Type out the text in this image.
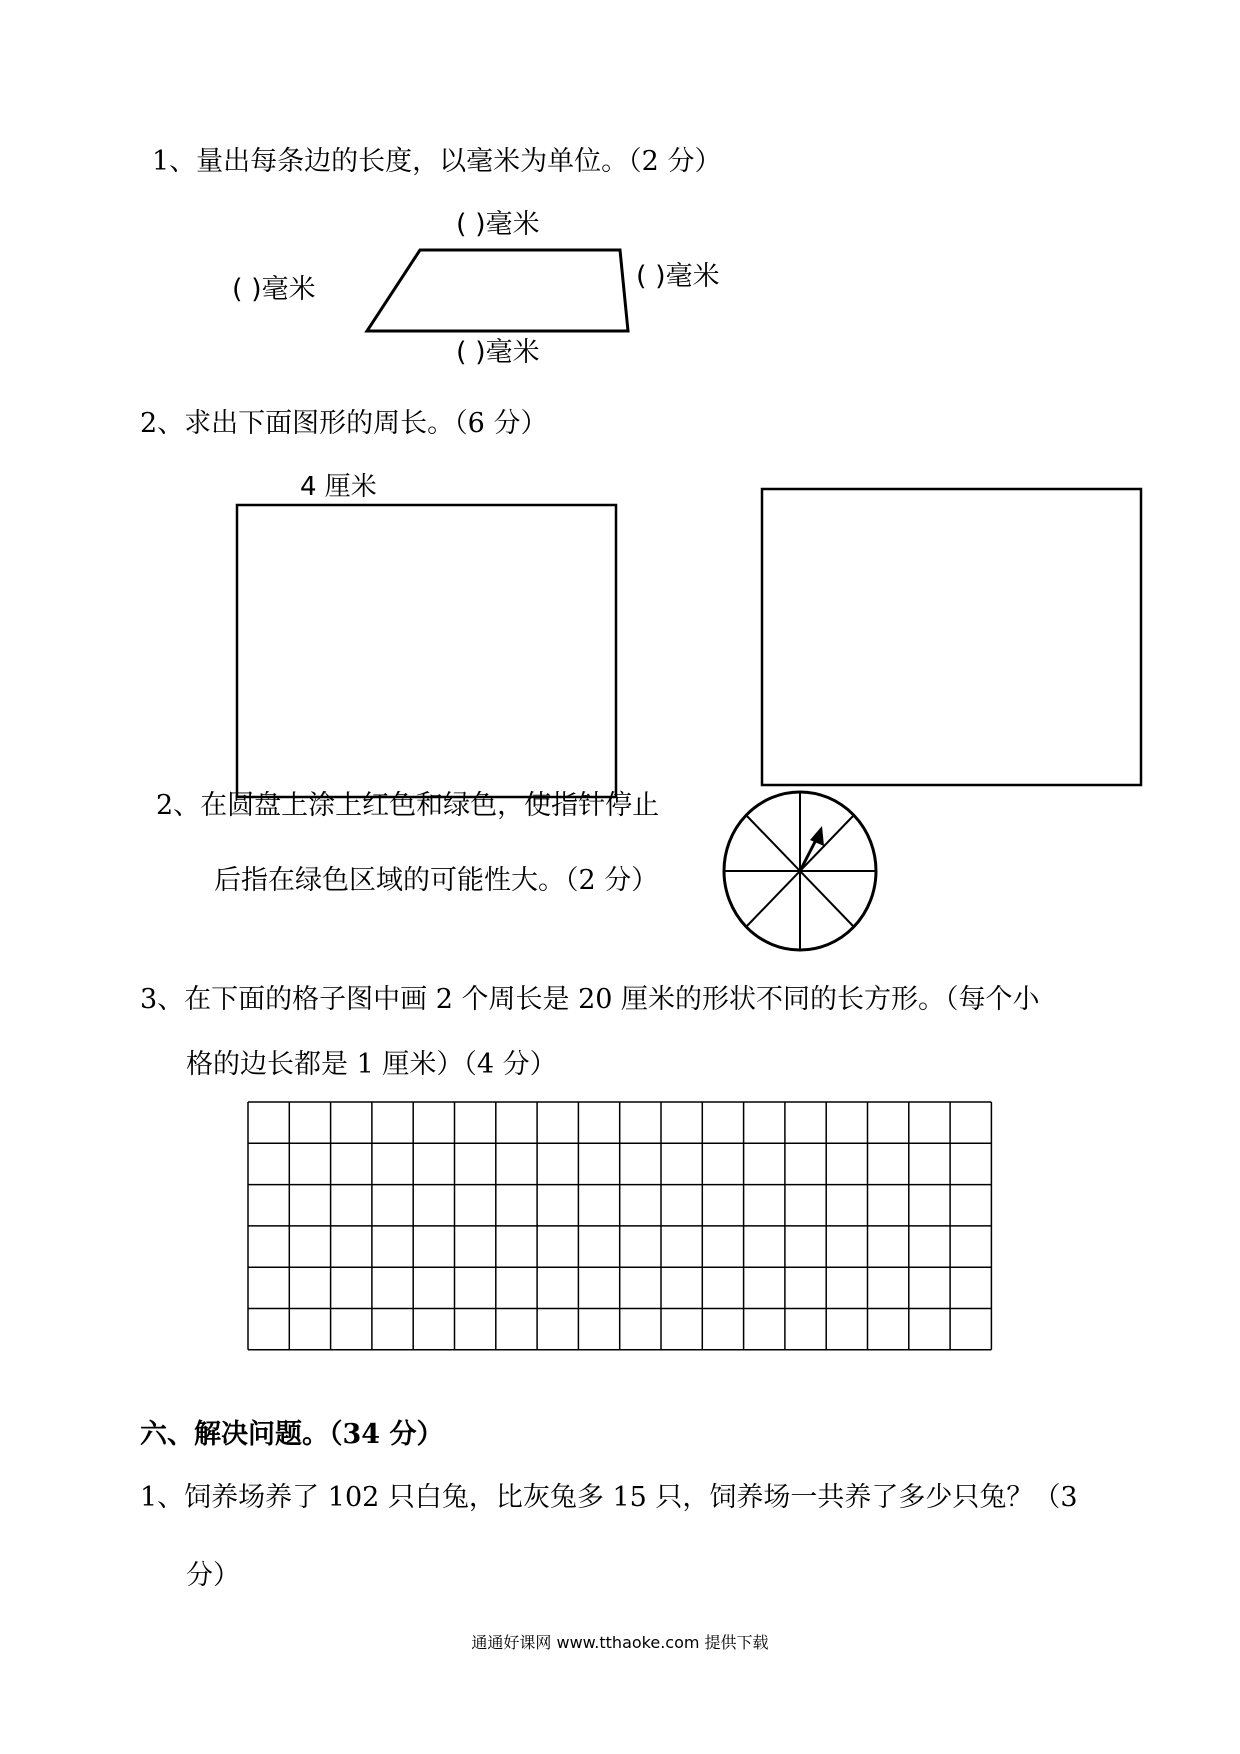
1、量出每条边的长度，以毫米为单位。（2 分）
( )毫米
( )毫米	( )毫米
( )毫米
2、求出下面图形的周长。（6 分）
4 厘米
2、在圆盘上涂上红色和绿色，使指针停止
后指在绿色区域的可能性大。（2 分）
3、在下面的格子图中画 2 个周长是 20 厘米的形状不同的长方形。（每个小
格的边长都是 1 厘米）（4 分）
六、解决问题。（34 分）
1、饲养场养了 102 只白兔，比灰兔多 15 只，饲养场一共养了多少只兔？（3
分）
通通好课网 www.tthaoke.com 提供下载
